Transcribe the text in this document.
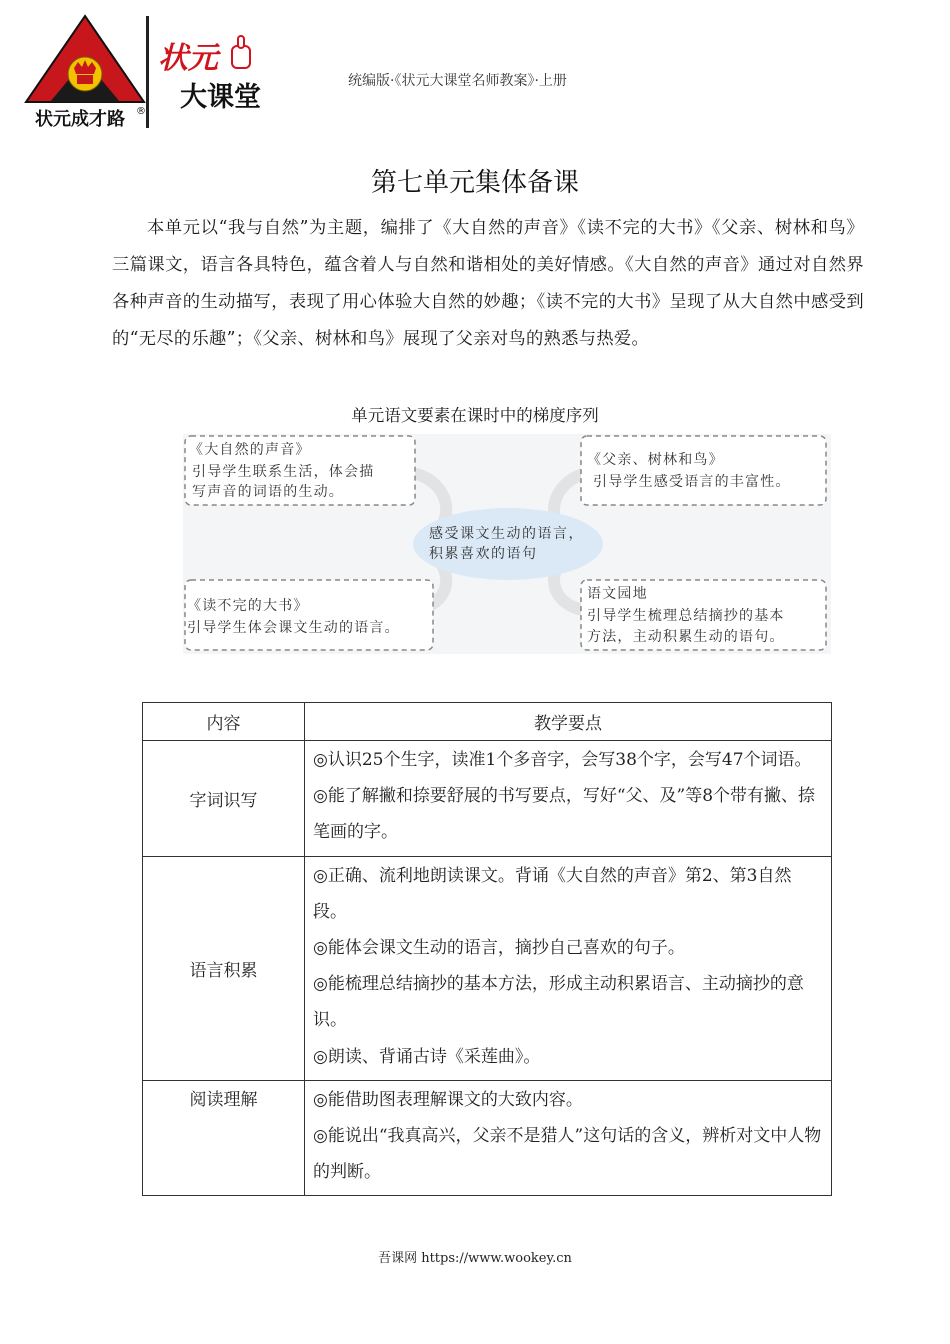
状元成才路 ®
状元
大课堂
统编版·《状元大课堂名师教案》·上册
第七单元集体备课
本单元以“我与自然”为主题，编排了《大自然的声音》《读不完的大书》《父亲、树林和鸟》三篇课文，语言各具特色，蕴含着人与自然和谐相处的美好情感。《大自然的声音》通过对自然界各种声音的生动描写，表现了用心体验大自然的妙趣；《读不完的大书》呈现了从大自然中感受到的“无尽的乐趣”；《父亲、树林和鸟》展现了父亲对鸟的熟悉与热爱。
单元语文要素在课时中的梯度序列
感受课文生动的语言，
积累喜欢的语句
《大自然的声音》
引导学生联系生活，体会描
写声音的词语的生动。
《父亲、树林和鸟》
引导学生感受语言的丰富性。
《读不完的大书》
引导学生体会课文生动的语言。
语文园地
引导学生梳理总结摘抄的基本
方法，主动积累生动的语句。
内容	教学要点
字词识写	◎认识25个生字，读准1个多音字，会写38个字，会写47个词语。

◎能了解撇和捺要舒展的书写要点，写好“父、及”等8个带有撇、捺笔画的字。

语言积累	◎正确、流利地朗读课文。背诵《大自然的声音》第2、第3自然段。

◎能体会课文生动的语言，摘抄自己喜欢的句子。

◎能梳理总结摘抄的基本方法，形成主动积累语言、主动摘抄的意识。

◎朗读、背诵古诗《采莲曲》。

阅读理解	◎能借助图表理解课文的大致内容。

◎能说出“我真高兴，父亲不是猎人”这句话的含义，辨析对文中人物的判断。

吾课网 https://www.wookey.cn
